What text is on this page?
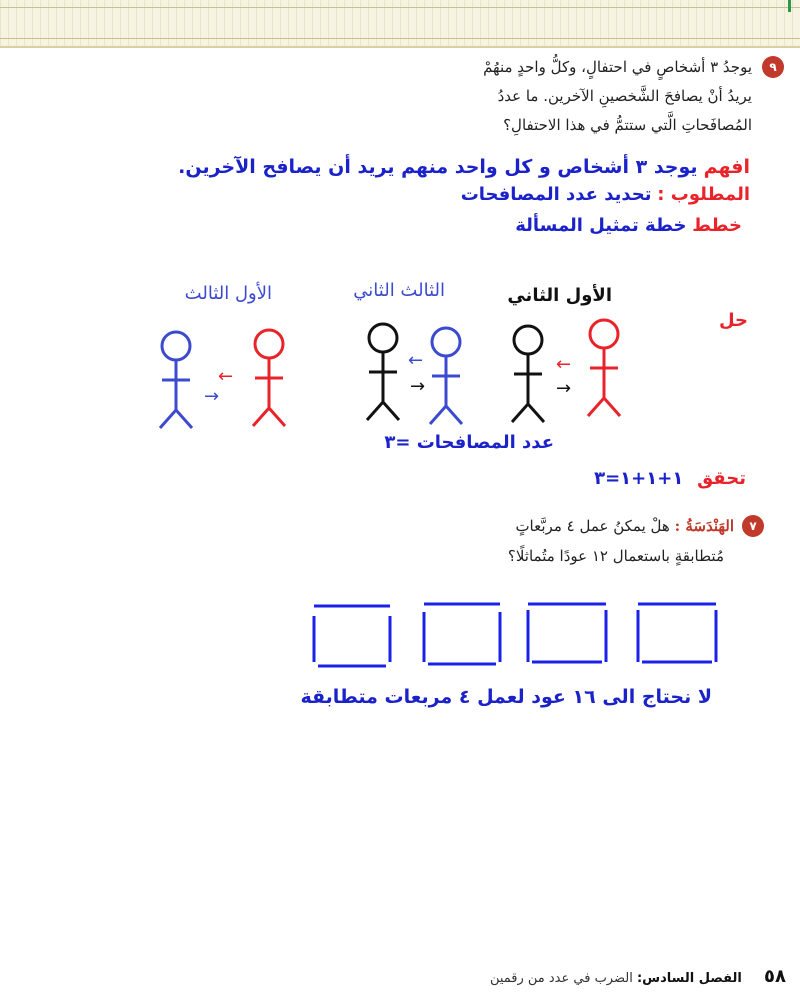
٩
يوجدُ ٣ أشخاصٍ في احتفالٍ، وكلُّ واحدٍ منهُمْ
يريدُ أنْ يصافحَ الشَّخصينِ الآخرين. ما عددُ
المُصافَحاتِ الَّتي ستتمُّ في هذا الاحتفالِ؟
افهم يوجد ٣ أشخاص و كل واحد منهم يريد أن يصافح الآخرين.
المطلوب : تحديد عدد المصافحات
خطط خطة تمثيل المسألة
الأول الثاني
الثالث الثاني
الأول الثالث
حل
←
→
←
→
←
→
عدد المصافحات =٣
تحقق ١+١+١=٣
٧
الهَنْدَسَةُ : هلْ يمكنُ عمل ٤ مربَّعاتٍ
مُتطابقةٍ باستعمال ١٢ عودًا متُماثلًا؟
لا نحتاج الى ١٦ عود لعمل ٤ مربعات متطابقة
٥٨ الفصل السادس: الضرب في عدد من رقمين
